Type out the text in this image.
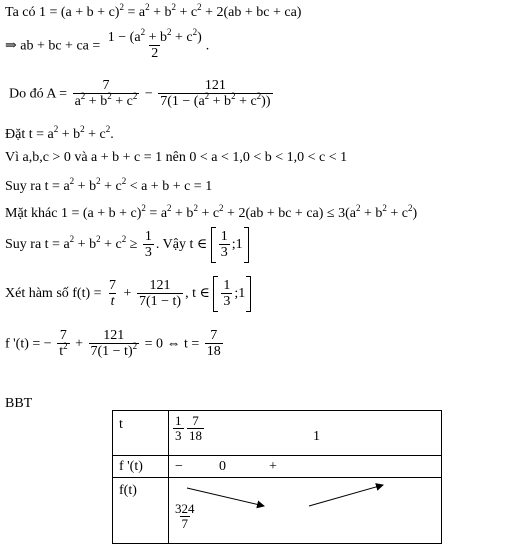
Ta có $1 = (a + b + c)^2 = a^2 + b^2 + c^2 + 2(ab$ + bc + ca)
⇒ ab + bc + ca = $\frac{1 - (a^2 + b^2 + c^2)}{2}$ .
Do đó $A = \frac{7}{a^2 + b^2 + c^2} - \frac{121}{7(1 - (a^2 + b^2 + c^2))}$
Đặt $t = a^2 + b^2 + c^2$.
Vì a,b,c > 0 và a + b + c = 1 nên 0 < a < 1,0 < b < 1,0 < c < 1
Suy ra $t = a^2 + b^2 + c^2 < a + b + c = 1$
Mặt khác $1 = (a + b + c)^2 = a^2 + b^2 + c^2 + 2(ab$ + bc + $ca) \le 3(a^2 + b^2 + c^2)$
Suy ra $t = a^2 + b^2 + c^2 \ge \frac{1}{3}$ . Vậy t ∈ $\frac{1}{3}$ ;1
Xét hàm số $f(t) = \frac{7}{t} + \frac{121}{7(1 - t)}$ , t ∈ $\frac{1}{3}$ ;1
f '(t) = − $\frac{7}{t^2} + \frac{121}{7(1 - t)^2} = 0$ ⇔ $t = \frac{7}{18}$
BBT
t	$\frac{1}{3} \frac{7}{18} 1$

f '(t)	− 0 +

f(t)	$\frac{324}{7}$
